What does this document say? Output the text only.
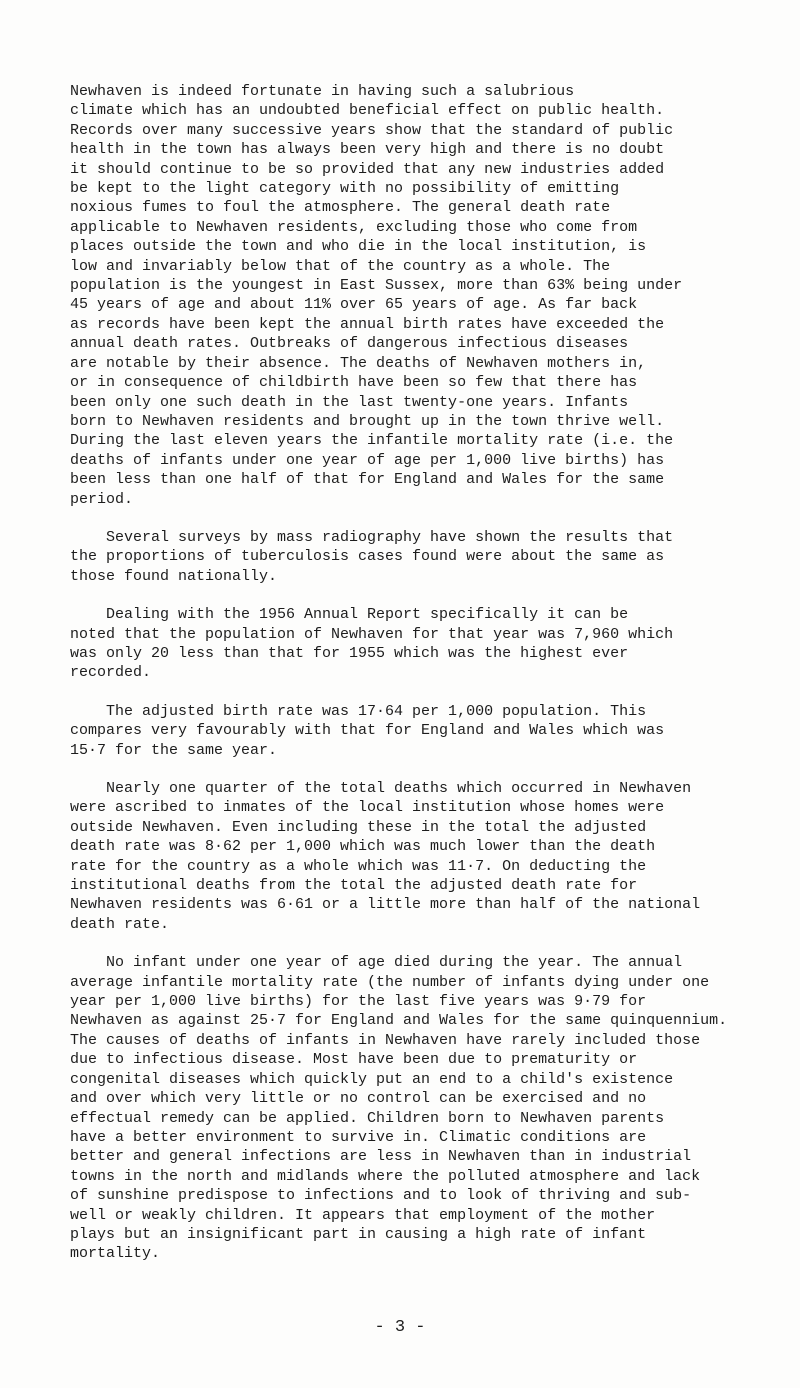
Newhaven is indeed fortunate in having such a salubrious
climate which has an undoubted beneficial effect on public health.
Records over many successive years show that the standard of public
health in the town has always been very high and there is no doubt
it should continue to be so provided that any new industries added
be kept to the light category with no possibility of emitting
noxious fumes to foul the atmosphere. The general death rate
applicable to Newhaven residents, excluding those who come from
places outside the town and who die in the local institution, is
low and invariably below that of the country as a whole. The
population is the youngest in East Sussex, more than 63% being under
45 years of age and about 11% over 65 years of age. As far back
as records have been kept the annual birth rates have exceeded the
annual death rates. Outbreaks of dangerous infectious diseases
are notable by their absence. The deaths of Newhaven mothers in,
or in consequence of childbirth have been so few that there has
been only one such death in the last twenty-one years. Infants
born to Newhaven residents and brought up in the town thrive well.
During the last eleven years the infantile mortality rate (i.e. the
deaths of infants under one year of age per 1,000 live births) has
been less than one half of that for England and Wales for the same
period.

Several surveys by mass radiography have shown the results that
the proportions of tuberculosis cases found were about the same as
those found nationally.

Dealing with the 1956 Annual Report specifically it can be
noted that the population of Newhaven for that year was 7,960 which
was only 20 less than that for 1955 which was the highest ever
recorded.

The adjusted birth rate was 17·64 per 1,000 population. This
compares very favourably with that for England and Wales which was
15·7 for the same year.

Nearly one quarter of the total deaths which occurred in Newhaven
were ascribed to inmates of the local institution whose homes were
outside Newhaven. Even including these in the total the adjusted
death rate was 8·62 per 1,000 which was much lower than the death
rate for the country as a whole which was 11·7. On deducting the
institutional deaths from the total the adjusted death rate for
Newhaven residents was 6·61 or a little more than half of the national
death rate.

No infant under one year of age died during the year. The annual
average infantile mortality rate (the number of infants dying under one
year per 1,000 live births) for the last five years was 9·79 for
Newhaven as against 25·7 for England and Wales for the same quinquennium.
The causes of deaths of infants in Newhaven have rarely included those
due to infectious disease. Most have been due to prematurity or
congenital diseases which quickly put an end to a child's existence
and over which very little or no control can be exercised and no
effectual remedy can be applied. Children born to Newhaven parents
have a better environment to survive in. Climatic conditions are
better and general infections are less in Newhaven than in industrial
towns in the north and midlands where the polluted atmosphere and lack
of sunshine predispose to infections and to look of thriving and sub-
well or weakly children. It appears that employment of the mother
plays but an insignificant part in causing a high rate of infant
mortality.

- 3 -
